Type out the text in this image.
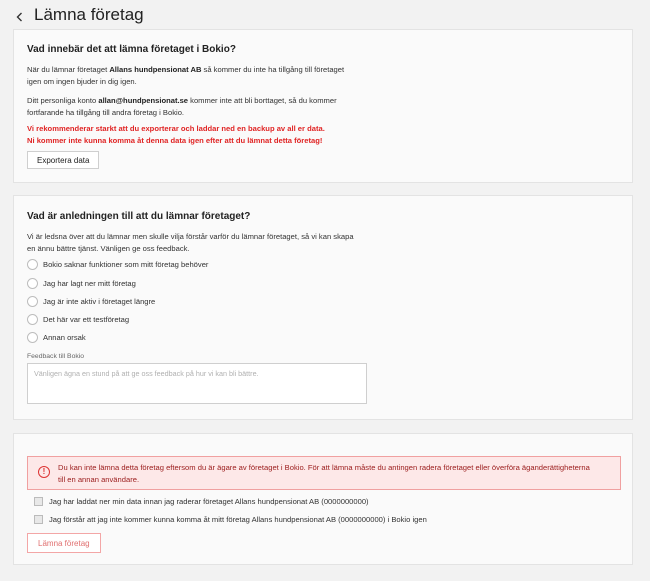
Lämna företag
Vad innebär det att lämna företaget i Bokio?
När du lämnar företaget Allans hundpensionat AB så kommer du inte ha tillgång till företaget
igen om ingen bjuder in dig igen.
Ditt personliga konto allan@hundpensionat.se kommer inte att bli borttaget, så du kommer
fortfarande ha tillgång till andra företag i Bokio.
Vi rekommenderar starkt att du exporterar och laddar ned en backup av all er data.
Ni kommer inte kunna komma åt denna data igen efter att du lämnat detta företag!
Exportera data
Vad är anledningen till att du lämnar företaget?
Vi är ledsna över att du lämnar men skulle vilja förstår varför du lämnar företaget, så vi kan skapa
en ännu bättre tjänst. Vänligen ge oss feedback.
Bokio saknar funktioner som mitt företag behöver
Jag har lagt ner mitt företag
Jag är inte aktiv i företaget längre
Det här var ett testföretag
Annan orsak
Feedback till Bokio
Vänligen ägna en stund på att ge oss feedback på hur vi kan bli bättre.
!	Du kan inte lämna detta företag eftersom du är ägare av företaget i Bokio. För att lämna måste du antingen radera företaget eller överföra äganderättigheterna
till en annan användare.
Jag har laddat ner min data innan jag raderar företaget Allans hundpensionat AB (0000000000)
Jag förstår att jag inte kommer kunna komma åt mitt företag Allans hundpensionat AB (0000000000) i Bokio igen
Lämna företag
